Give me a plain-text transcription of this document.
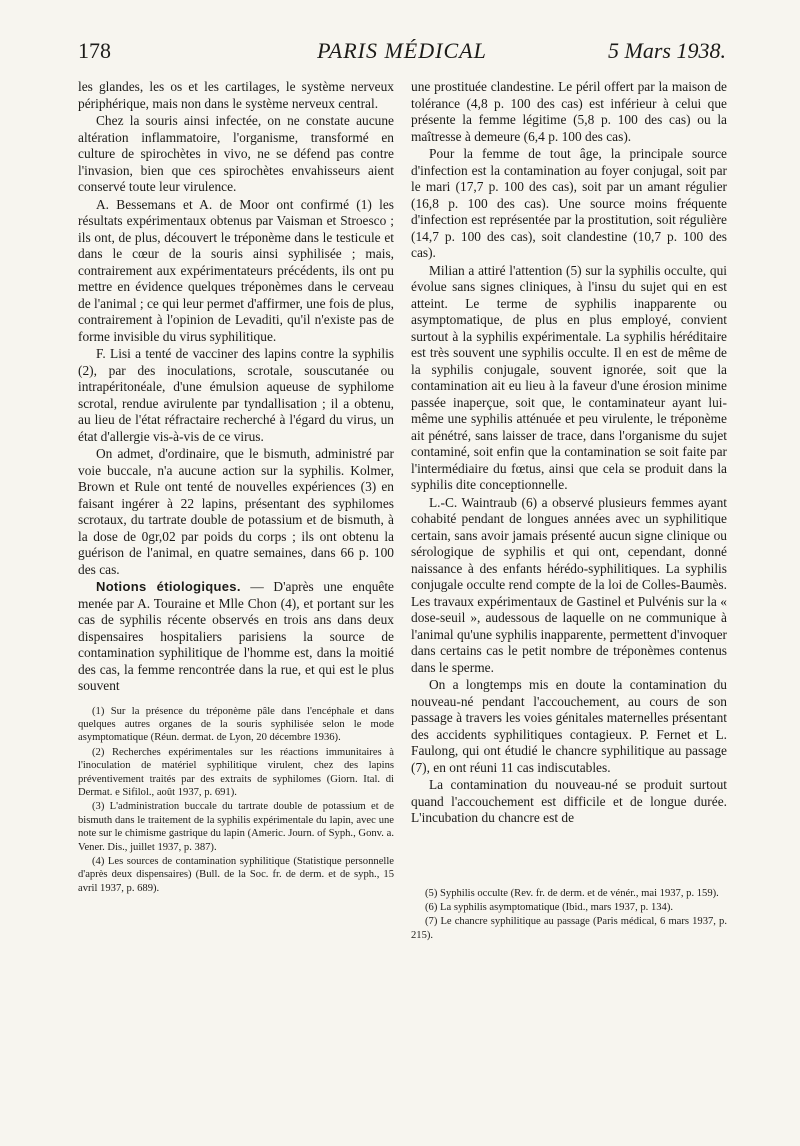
178	PARIS MÉDICAL	5 Mars 1938.

les glandes, les os et les cartilages, le système nerveux périphérique, mais non dans le système nerveux central.

Chez la souris ainsi infectée, on ne constate aucune altération inflammatoire, l'organisme, transformé en culture de spirochètes in vivo, ne se défend pas contre l'invasion, bien que ces spirochètes envahisseurs aient conservé toute leur virulence.

A. Bessemans et A. de Moor ont confirmé (1) les résultats expérimentaux obtenus par Vaisman et Stroesco ; ils ont, de plus, découvert le tréponème dans le testicule et dans le cœur de la souris ainsi syphilisée ; mais, contrairement aux expérimentateurs précédents, ils ont pu mettre en évidence quelques tréponèmes dans le cerveau de l'animal ; ce qui leur permet d'affirmer, une fois de plus, contrairement à l'opinion de Levaditi, qu'il n'existe pas de forme invisible du virus syphilitique.

F. Lisi a tenté de vacciner des lapins contre la syphilis (2), par des inoculations, scrotale, souscutanée ou intrapéritonéale, d'une émulsion aqueuse de syphilome scrotal, rendue avirulente par tyndallisation ; il a obtenu, au lieu de l'état réfractaire recherché à l'égard du virus, un état d'allergie vis-à-vis de ce virus.

On admet, d'ordinaire, que le bismuth, administré par voie buccale, n'a aucune action sur la syphilis. Kolmer, Brown et Rule ont tenté de nouvelles expériences (3) en faisant ingérer à 22 lapins, présentant des syphilomes scrotaux, du tartrate double de potassium et de bismuth, à la dose de 0gr,02 par poids du corps ; ils ont obtenu la guérison de l'animal, en quatre semaines, dans 66 p. 100 des cas.

Notions étiologiques. — D'après une enquête menée par A. Touraine et Mlle Chon (4), et portant sur les cas de syphilis récente observés en trois ans dans deux dispensaires hospitaliers parisiens la source de contamination syphilitique de l'homme est, dans la moitié des cas, la femme rencontrée dans la rue, et qui est le plus souvent

(1) Sur la présence du tréponème pâle dans l'encéphale et dans quelques autres organes de la souris syphilisée selon le mode asymptomatique (Réun. dermat. de Lyon, 20 décembre 1936).

(2) Recherches expérimentales sur les réactions immunitaires à l'inoculation de matériel syphilitique virulent, chez des lapins préventivement traités par des extraits de syphilomes (Giorn. Ital. di Dermat. e Sifilol., août 1937, p. 691).

(3) L'administration buccale du tartrate double de potassium et de bismuth dans le traitement de la syphilis expérimentale du lapin, avec une note sur le chimisme gastrique du lapin (Americ. Journ. of Syph., Gonv. a. Vener. Dis., juillet 1937, p. 387).

(4) Les sources de contamination syphilitique (Statistique personnelle d'après deux dispensaires) (Bull. de la Soc. fr. de derm. et de syph., 15 avril 1937, p. 689).

une prostituée clandestine. Le péril offert par la maison de tolérance (4,8 p. 100 des cas) est inférieur à celui que présente la femme légitime (5,8 p. 100 des cas) ou la maîtresse à demeure (6,4 p. 100 des cas).

Pour la femme de tout âge, la principale source d'infection est la contamination au foyer conjugal, soit par le mari (17,7 p. 100 des cas), soit par un amant régulier (16,8 p. 100 des cas). Une source moins fréquente d'infection est représentée par la prostitution, soit régulière (14,7 p. 100 des cas), soit clandestine (10,7 p. 100 des cas).

Milian a attiré l'attention (5) sur la syphilis occulte, qui évolue sans signes cliniques, à l'insu du sujet qui en est atteint. Le terme de syphilis inapparente ou asymptomatique, de plus en plus employé, convient surtout à la syphilis expérimentale. La syphilis héréditaire est très souvent une syphilis occulte. Il en est de même de la syphilis conjugale, souvent ignorée, soit que la contamination ait eu lieu à la faveur d'une érosion minime passée inaperçue, soit que, le contaminateur ayant lui-même une syphilis atténuée et peu virulente, le tréponème ait pénétré, sans laisser de trace, dans l'organisme du sujet contaminé, soit enfin que la contamination se soit faite par l'intermédiaire du fœtus, ainsi que cela se produit dans la syphilis dite conceptionnelle.

L.-C. Waintraub (6) a observé plusieurs femmes ayant cohabité pendant de longues années avec un syphilitique certain, sans avoir jamais présenté aucun signe clinique ou sérologique de syphilis et qui ont, cependant, donné naissance à des enfants hérédo-syphilitiques. La syphilis conjugale occulte rend compte de la loi de Colles-Baumès. Les travaux expérimentaux de Gastinel et Pulvénis sur la « dose-seuil », audessous de laquelle on ne communique à l'animal qu'une syphilis inapparente, permettent d'invoquer dans certains cas le petit nombre de tréponèmes contenus dans le sperme.

On a longtemps mis en doute la contamination du nouveau-né pendant l'accouchement, au cours de son passage à travers les voies génitales maternelles présentant des accidents syphilitiques contagieux. P. Fernet et L. Faulong, qui ont étudié le chancre syphilitique au passage (7), en ont réuni 11 cas indiscutables.

La contamination du nouveau-né se produit surtout quand l'accouchement est difficile et de longue durée. L'incubation du chancre est de

(5) Syphilis occulte (Rev. fr. de derm. et de vénér., mai 1937, p. 159).

(6) La syphilis asymptomatique (Ibid., mars 1937, p. 134).

(7) Le chancre syphilitique au passage (Paris médical, 6 mars 1937, p. 215).
